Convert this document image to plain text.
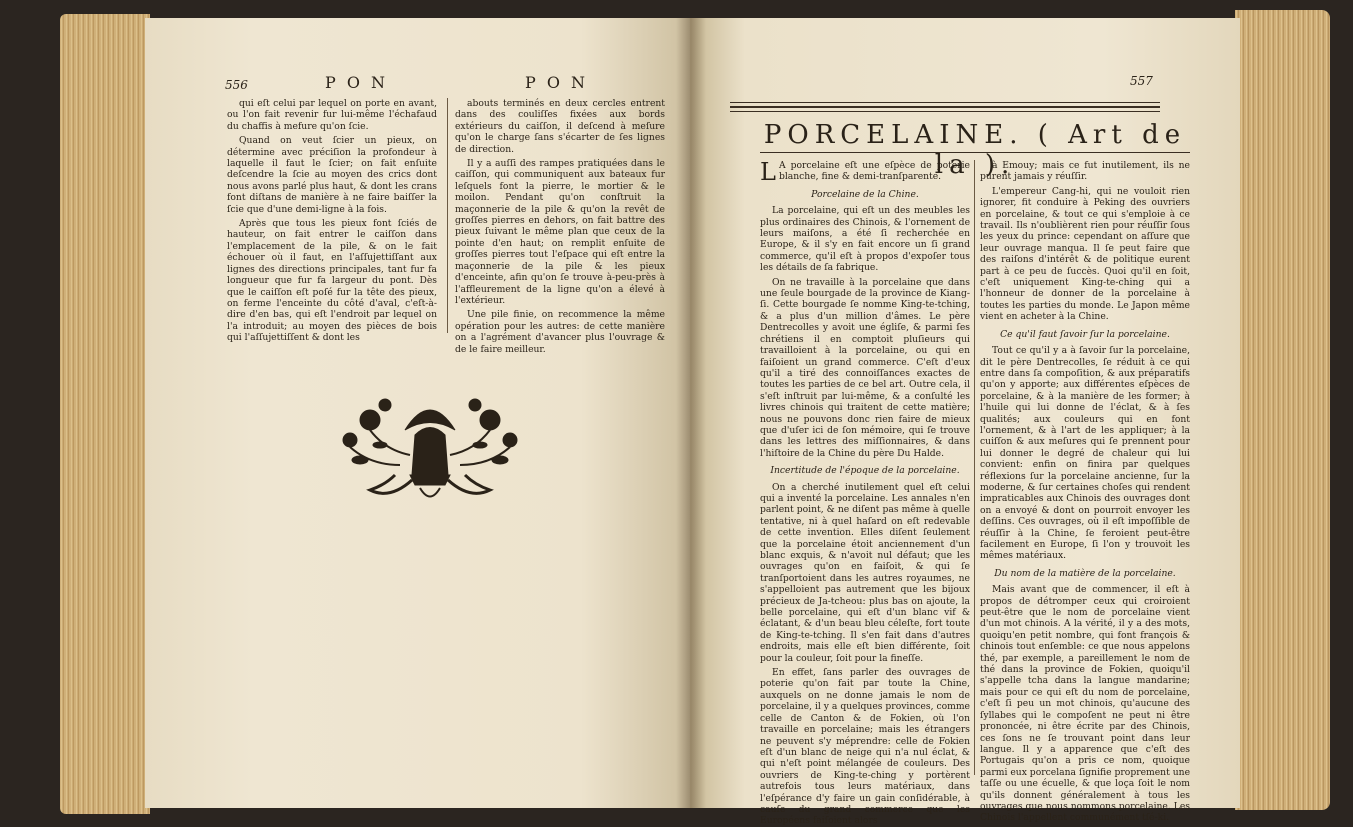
556	P O N	P O N

qui eſt celui par lequel on porte en avant, ou l'on fait revenir fur lui-même l'échafaud du chaffis à mefure qu'on ſcie.

Quand on veut ſcier un pieux, on détermine avec préciſion la profondeur à laquelle il faut le ſcier; on fait enſuite deſcendre la ſcie au moyen des crics dont nous avons parlé plus haut, & dont les crans font diſtans de manière à ne faire baiſſer la ſcie que d'une demi-ligne à la fois.

Après que tous les pieux font ſciés de hauteur, on fait entrer le caiſſon dans l'emplacement de la pile, & on le fait échouer où il faut, en l'aſſujettiſſant aux lignes des directions principales, tant fur fa longueur que fur fa largeur du pont. Dès que le caiſſon eſt poſé fur la tête des pieux, on ferme l'enceinte du côté d'aval, c'eſt-à-dire d'en bas, qui eſt l'endroit par lequel on l'a introduit; au moyen des pièces de bois qui l'aſſujettiſſent & dont les

abouts terminés en deux cercles entrent dans des couliſſes fixées aux bords extérieurs du caiſſon, il deſcend à meſure qu'on le charge ſans s'écarter de ſes lignes de direction.

Il y a auſſi des rampes pratiquées dans le caiſſon, qui communiquent aux bateaux fur leſquels font la pierre, le mortier & le moilon. Pendant qu'on conſtruit la maçonnerie de la pile & qu'on la revêt de groſſes pierres en dehors, on fait battre des pieux ſuivant le même plan que ceux de la pointe d'en haut; on remplit enſuite de groſſes pierres tout l'eſpace qui eſt entre la maçonnerie de la pile & les pieux d'enceinte, afin qu'on ſe trouve à-peu-près à l'affleurement de la ligne qu'on a élevé à l'extérieur.

Une pile finie, on recommence la même opération pour les autres: de cette manière on a l'agrément d'avancer plus l'ouvrage & de le faire meilleur.

557
PORCELAINE. ( Art de la ).

L A porcelaine eſt une eſpèce de poterie blanche, fine & demi-tranſparente.

Porcelaine de la Chine.

La porcelaine, qui eſt un des meubles les plus ordinaires des Chinois, & l'ornement de leurs maiſons, a été ſi recherchée en Europe, & il s'y en fait encore un ſi grand commerce, qu'il eſt à propos d'expoſer tous les détails de ſa fabrique.

On ne travaille à la porcelaine que dans une ſeule bourgade de la province de Kiang-ſi. Cette bourgade ſe nomme King-te-tching, & a plus d'un million d'âmes. Le père Dentrecolles y avoit une égliſe, & parmi ſes chrétiens il en comptoit pluſieurs qui travailloient à la porcelaine, ou qui en faiſoient un grand commerce. C'eſt d'eux qu'il a tiré des connoiſſances exactes de toutes les parties de ce bel art. Outre cela, il s'eſt inſtruit par lui-même, & a conſulté les livres chinois qui traitent de cette matière; nous ne pouvons donc rien faire de mieux que d'uſer ici de ſon mémoire, qui ſe trouve dans les lettres des miſſionnaires, & dans l'hiſtoire de la Chine du père Du Halde.

Incertitude de l'époque de la porcelaine.

On a cherché inutilement quel eſt celui qui a inventé la porcelaine. Les annales n'en parlent point, & ne diſent pas même à quelle tentative, ni à quel haſard on eſt redevable de cette invention. Elles diſent ſeulement que la porcelaine étoit anciennement d'un blanc exquis, & n'avoit nul défaut; que les ouvrages qu'on en faiſoit, & qui ſe tranſportoient dans les autres royaumes, ne s'appelloient pas autrement que les bijoux précieux de Ja-tcheou: plus bas on ajoute, la belle porcelaine, qui eſt d'un blanc vif & éclatant, & d'un beau bleu céleſte, fort toute de King-te-tching. Il s'en fait dans d'autres endroits, mais elle eſt bien différente, ſoit pour la couleur, ſoit pour la fineſſe.

En effet, ſans parler des ouvrages de poterie qu'on fait par toute la Chine, auxquels on ne donne jamais le nom de porcelaine, il y a quelques provinces, comme celle de Canton & de Fokien, où l'on travaille en porcelaine; mais les étrangers ne peuvent s'y méprendre: celle de Fokien eſt d'un blanc de neige qui n'a nul éclat, & qui n'eſt point mélangée de couleurs. Des ouvriers de King-te-ching y portèrent autrefois tous leurs matériaux, dans l'eſpérance d'y faire un gain conſidérable, à cauſe du grand commerce que les Européens faiſoient alors

à Emouy; mais ce fut inutilement, ils ne purent jamais y réuſſir.

L'empereur Cang-hi, qui ne vouloit rien ignorer, fit conduire à Peking des ouvriers en porcelaine, & tout ce qui s'emploie à ce travail. Ils n'oublièrent rien pour réuſſir ſous les yeux du prince: cependant on aſſure que leur ouvrage manqua. Il ſe peut faire que des raiſons d'intérêt & de politique eurent part à ce peu de ſuccès. Quoi qu'il en ſoit, c'eſt uniquement King-te-ching qui a l'honneur de donner de la porcelaine à toutes les parties du monde. Le Japon même vient en acheter à la Chine.

Ce qu'il faut ſavoir ſur la porcelaine.

Tout ce qu'il y a à ſavoir ſur la porcelaine, dit le père Dentrecolles, ſe réduit à ce qui entre dans ſa compoſition, & aux préparatifs qu'on y apporte; aux différentes eſpèces de porcelaine, & à la manière de les former; à l'huile qui lui donne de l'éclat, & à ſes qualités; aux couleurs qui en font l'ornement, & à l'art de les appliquer; à la cuiſſon & aux meſures qui ſe prennent pour lui donner le degré de chaleur qui lui convient: enfin on finira par quelques réflexions ſur la porcelaine ancienne, ſur la moderne, & ſur certaines choſes qui rendent impraticables aux Chinois des ouvrages dont on a envoyé & dont on pourroit envoyer les deſſins. Ces ouvrages, où il eſt impoſſible de réuſſir à la Chine, ſe feroient peut-être facilement en Europe, ſi l'on y trouvoit les mêmes matériaux.

Du nom de la matière de la porcelaine.

Mais avant que de commencer, il eſt à propos de détromper ceux qui croiroient peut-être que le nom de porcelaine vient d'un mot chinois. A la vérité, il y a des mots, quoiqu'en petit nombre, qui font françois & chinois tout enſemble: ce que nous appelons thé, par exemple, a pareillement le nom de thé dans la province de Fokien, quoiqu'il s'appelle tcha dans la langue mandarine; mais pour ce qui eſt du nom de porcelaine, c'eſt ſi peu un mot chinois, qu'aucune des ſyllabes qui le compoſent ne peut ni être prononcée, ni être écrite par des Chinois, ces ſons ne ſe trouvant point dans leur langue. Il y a apparence que c'eſt des Portugais qu'on a pris ce nom, quoique parmi eux porcelana ſignifie proprement une taſſe ou une écuelle, & que loça ſoit le nom qu'ils donnent généralement à tous les ouvrages que nous nommons porcelaine. Les Chinois l'appellent communément tſé-ki.
